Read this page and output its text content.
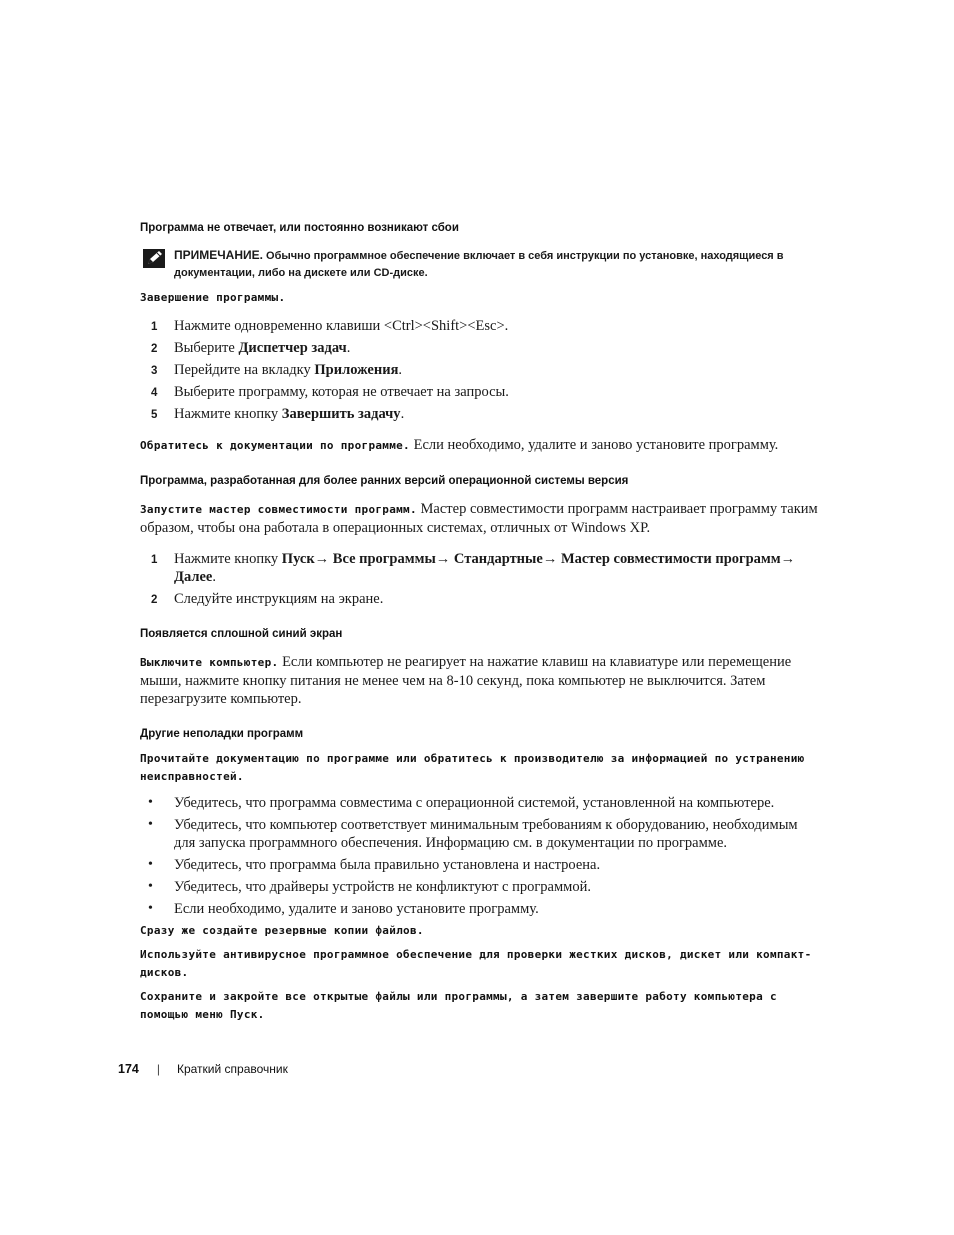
Программа не отвечает, или постоянно возникают сбои
ПРИМЕЧАНИЕ. Обычно программное обеспечение включает в себя инструкции по установке, находящиеся в документации, либо на дискете или CD-диске.
Завершение программы.
1 Нажмите одновременно клавиши <Ctrl><Shift><Esc>.
2 Выберите Диспетчер задач.
3 Перейдите на вкладку Приложения.
4 Выберите программу, которая не отвечает на запросы.
5 Нажмите кнопку Завершить задачу.

Обратитесь к документации по программе. Если необходимо, удалите и заново установите программу.

Программа, разработанная для более ранних версий операционной системы версия

Запустите мастер совместимости программ. Мастер совместимости программ настраивает программу таким образом, чтобы она работала в операционных системах, отличных от Windows XP.

1 Нажмите кнопку Пуск→ Все программы→ Стандартные→ Мастер совместимости программ→ Далее.
2 Следуйте инструкциям на экране.
Появляется сплошной синий экран

Выключите компьютер. Если компьютер не реагирует на нажатие клавиш на клавиатуре или перемещение мыши, нажмите кнопку питания не менее чем на 8-10 секунд, пока компьютер не выключится. Затем перезагрузите компьютер.

Другие неполадки программ
Прочитайте документацию по программе или обратитесь к производителю за информацией по устранению неисправностей.
• Убедитесь, что программа совместима с операционной системой, установленной на компьютере.
• Убедитесь, что компьютер соответствует минимальным требованиям к оборудованию, необходимым для запуска программного обеспечения. Информацию см. в документации по программе.
• Убедитесь, что программа была правильно установлена и настроена.
• Убедитесь, что драйверы устройств не конфликтуют с программой.
• Если необходимо, удалите и заново установите программу.
Сразу же создайте резервные копии файлов.
Используйте антивирусное программное обеспечение для проверки жестких дисков, дискет или компакт-дисков.
Сохраните и закройте все открытые файлы или программы, а затем завершите работу компьютера с помощью меню Пуск.
174 | Краткий справочник
